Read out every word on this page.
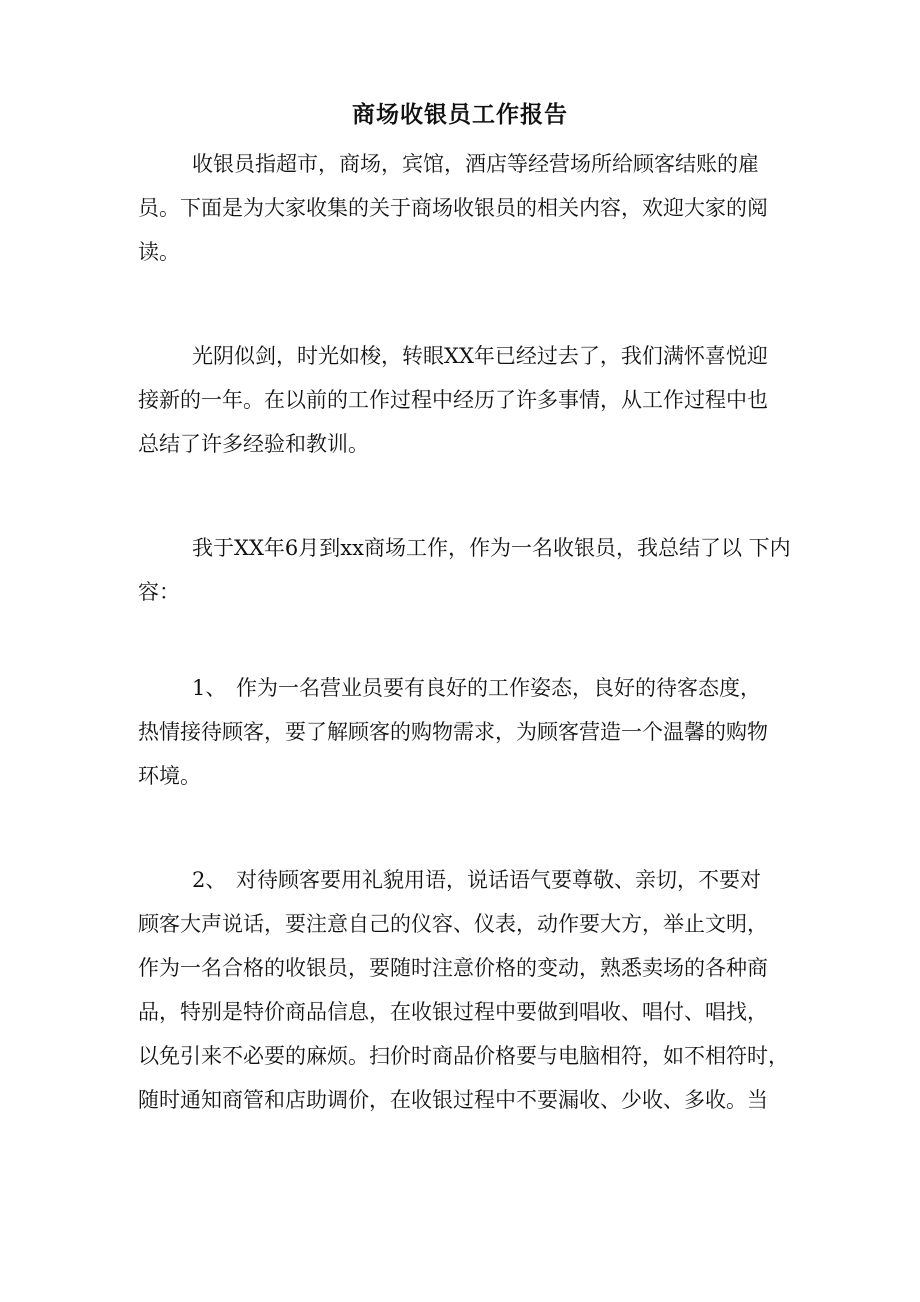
商场收银员工作报告
收银员指超市，商场，宾馆，酒店等经营场所给顾客结账的雇
员。下面是为大家收集的关于商场收银员的相关内容，欢迎大家的阅
读。
光阴似剑，时光如梭，转眼XX年已经过去了，我们满怀喜悦迎
接新的一年。在以前的工作过程中经历了许多事情，从工作过程中也
总结了许多经验和教训。
我于XX年6月到xx商场工作，作为一名收银员，我总结了以 下内
容：
1、 作为一名营业员要有良好的工作姿态，良好的待客态度，
热情接待顾客，要了解顾客的购物需求，为顾客营造一个温馨的购物
环境。
2、 对待顾客要用礼貌用语，说话语气要尊敬、亲切，不要对
顾客大声说话，要注意自己的仪容、仪表，动作要大方，举止文明，
作为一名合格的收银员，要随时注意价格的变动，熟悉卖场的各种商
品，特别是特价商品信息，在收银过程中要做到唱收、唱付、唱找，
以免引来不必要的麻烦。扫价时商品价格要与电脑相符，如不相符时，
随时通知商管和店助调价，在收银过程中不要漏收、少收、多收。当
